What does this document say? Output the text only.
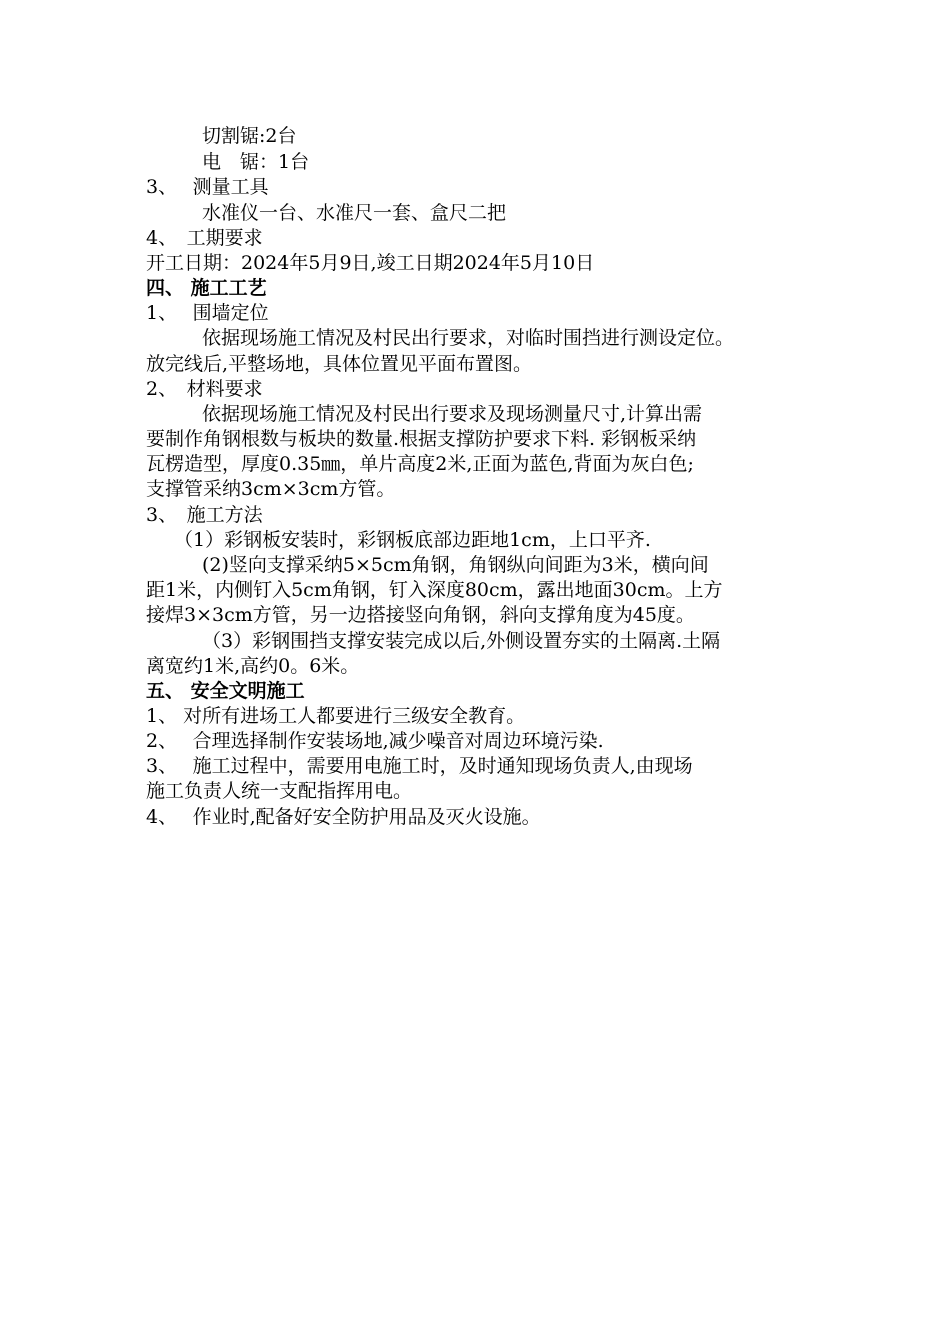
切割锯:2台
电　锯：1台
3、　 测量工具
水准仪一台、水准尺一套、盒尺二把
4、　工期要求
开工日期：2024年5月9日,竣工日期2024年5月10日
四、 施工工艺
1、　 围墙定位
依据现场施工情况及村民出行要求，对临时围挡进行测设定位。
放完线后,平整场地，具体位置见平面布置图。
2、　材料要求
依据现场施工情况及村民出行要求及现场测量尺寸,计算出需
要制作角钢根数与板块的数量.根据支撑防护要求下料. 彩钢板采纳
瓦楞造型，厚度0.35㎜，单片高度2米,正面为蓝色,背面为灰白色;
支撑管采纳3cm×3cm方管。
3、　施工方法
（1）彩钢板安装时，彩钢板底部边距地1cm，上口平齐.
(2)竖向支撑采纳5×5cm角钢，角钢纵向间距为3米，横向间
距1米，内侧钉入5cm角钢，钉入深度80cm，露出地面30cm。上方
接焊3×3cm方管，另一边搭接竖向角钢，斜向支撑角度为45度。
（3）彩钢围挡支撑安装完成以后,外侧设置夯实的土隔离.土隔
离宽约1米,高约0。6米。
五、 安全文明施工
1、 对所有进场工人都要进行三级安全教育。
2、　 合理选择制作安装场地,减少噪音对周边环境污染.
3、　 施工过程中，需要用电施工时，及时通知现场负责人,由现场
施工负责人统一支配指挥用电。
4、　 作业时,配备好安全防护用品及灭火设施。
